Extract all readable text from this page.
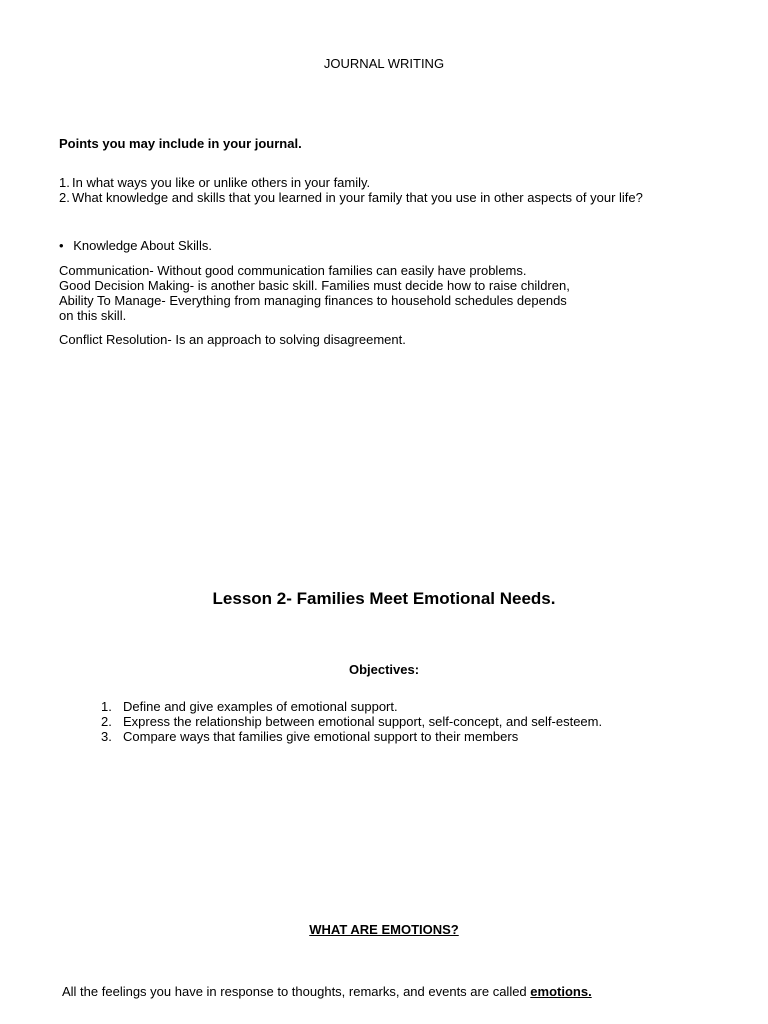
JOURNAL WRITING

Points you may include in your journal.

1. In what ways you like or unlike others in your family.
2. What knowledge and skills that you learned in your family that you use in other aspects of your life?
• Knowledge About Skills.
Communication- Without good communication families can easily have problems.
Good Decision Making- is another basic skill. Families must decide how to raise children,
Ability To Manage- Everything from managing finances to household schedules depends
on this skill.

Conflict Resolution- Is an approach to solving disagreement.

Lesson 2- Families Meet Emotional Needs.

Objectives:

1. Define and give examples of emotional support.
2. Express the relationship between emotional support, self-concept, and self-esteem.
3. Compare ways that families give emotional support to their members

WHAT ARE EMOTIONS?

All the feelings you have in response to thoughts, remarks, and events are called emotions.
